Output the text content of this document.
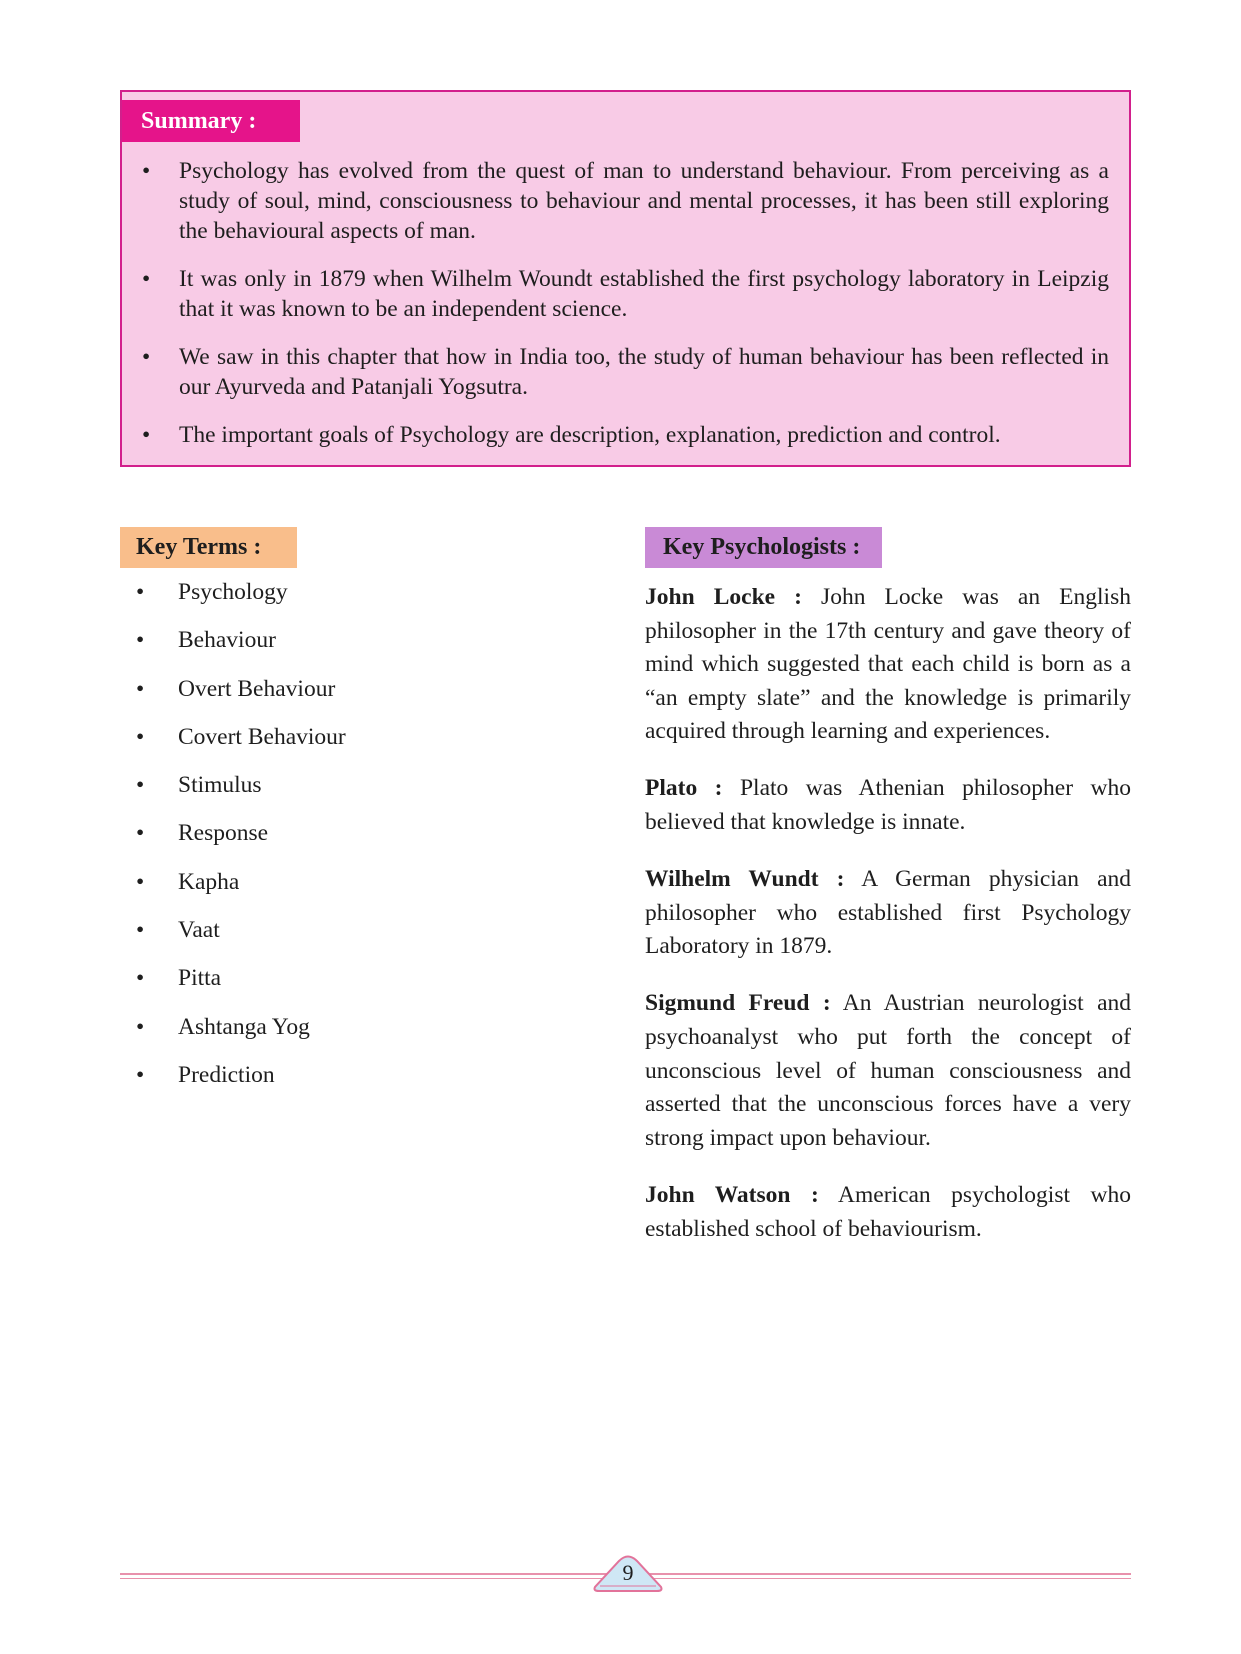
Summary :
• Psychology has evolved from the quest of man to understand behaviour. From perceiving as a study of soul, mind, consciousness to behaviour and mental processes, it has been still exploring the behavioural aspects of man.
• It was only in 1879 when Wilhelm Woundt established the first psychology laboratory in Leipzig that it was known to be an independent science.
• We saw in this chapter that how in India too, the study of human behaviour has been reflected in our Ayurveda and Patanjali Yogsutra.
• The important goals of Psychology are description, explanation, prediction and control.
Key Terms :
• Psychology
• Behaviour
• Overt Behaviour
• Covert Behaviour
• Stimulus
• Response
• Kapha
• Vaat
• Pitta
• Ashtanga Yog
• Prediction
Key Psychologists :

John Locke : John Locke was an English philosopher in the 17th century and gave theory of mind which suggested that each child is born as a “an empty slate” and the knowledge is primarily acquired through learning and experiences.

Plato : Plato was Athenian philosopher who believed that knowledge is innate.

Wilhelm Wundt : A German physician and philosopher who established first Psychology Laboratory in 1879.

Sigmund Freud : An Austrian neurologist and psychoanalyst who put forth the concept of unconscious level of human consciousness and asserted that the unconscious forces have a very strong impact upon behaviour.

John Watson : American psychologist who established school of behaviourism.

9
